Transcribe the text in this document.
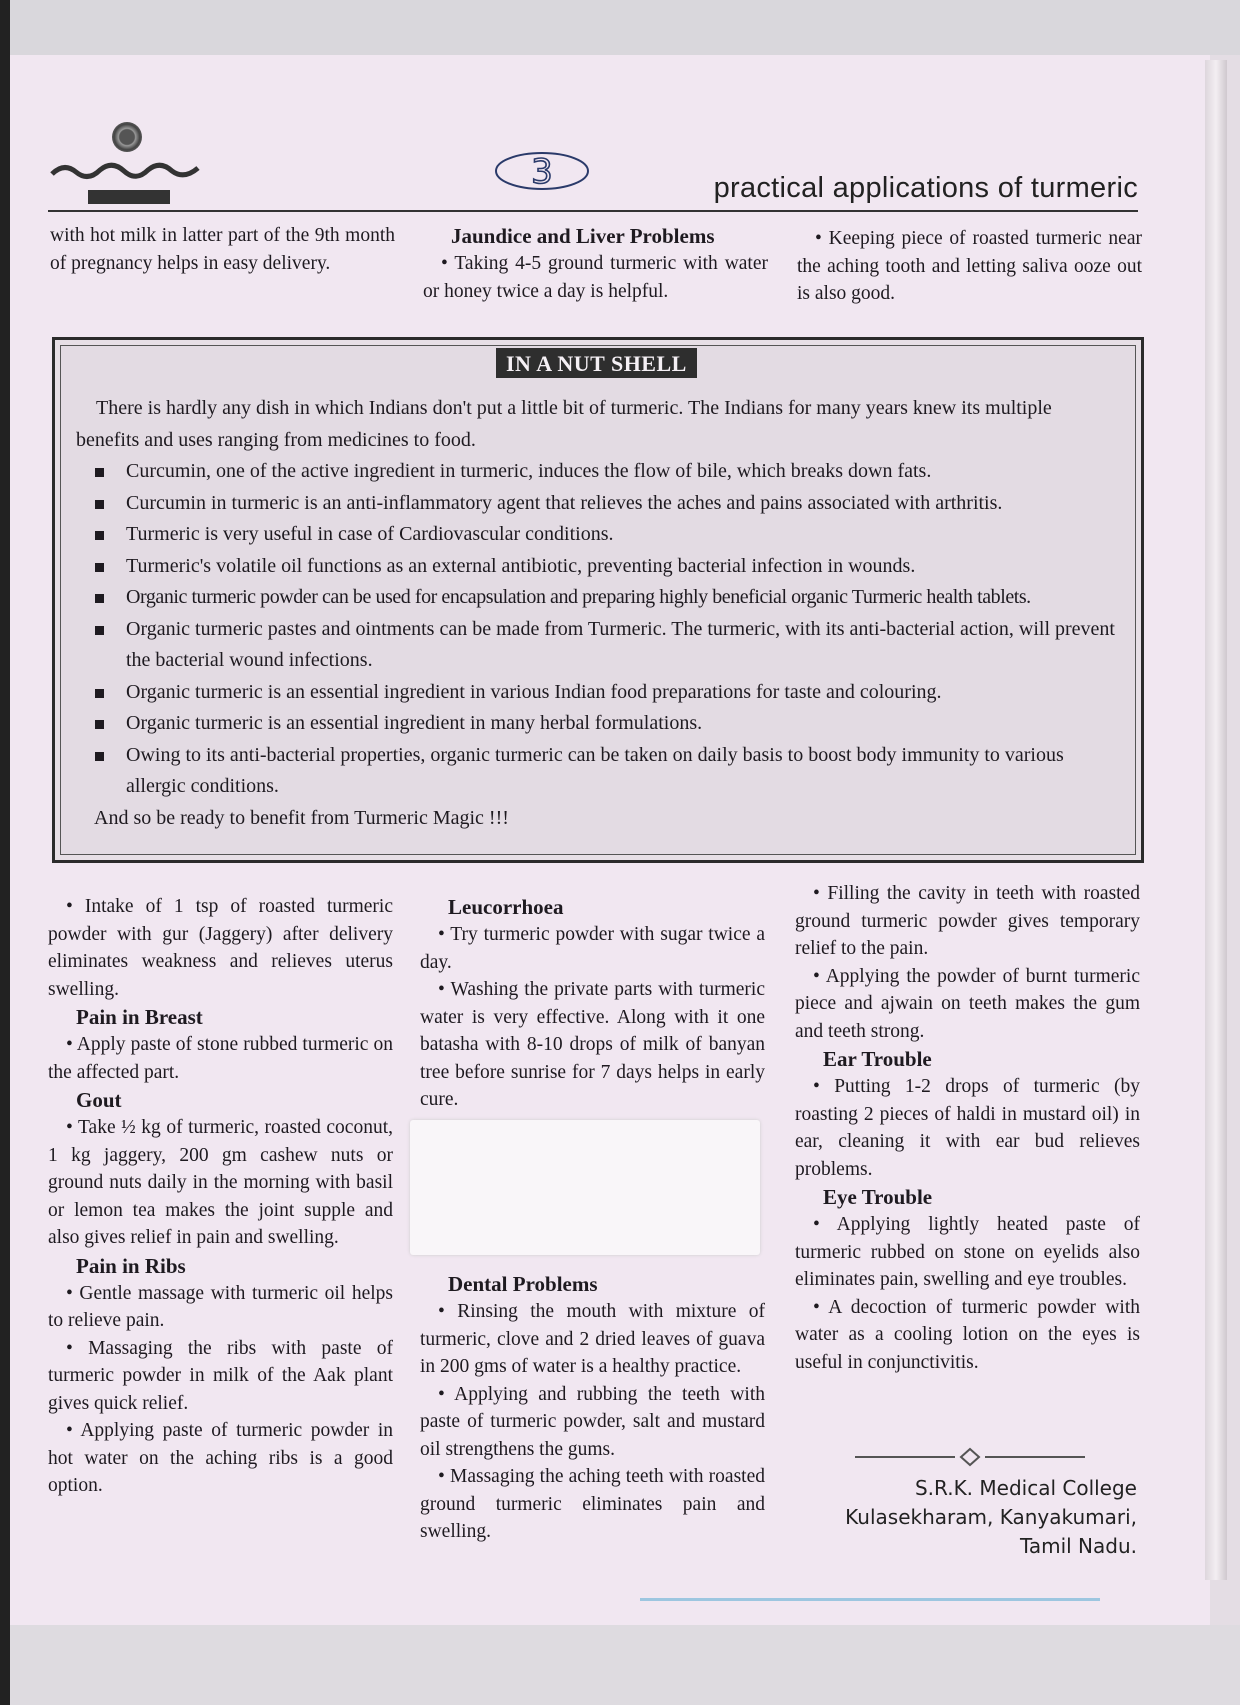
3	practical applications of turmeric

with hot milk in latter part of the 9th month of pregnancy helps in easy delivery.

Jaundice and Liver Problems

• Taking 4-5 ground turmeric with water or honey twice a day is helpful.

• Keeping piece of roasted turmeric near the aching tooth and letting saliva ooze out is also good.

IN A NUT SHELL

There is hardly any dish in which Indians don't put a little bit of turmeric. The Indians for many years knew its multiple benefits and uses ranging from medicines to food.

Curcumin, one of the active ingredient in turmeric, induces the flow of bile, which breaks down fats.
Curcumin in turmeric is an anti-inflammatory agent that relieves the aches and pains associated with arthritis.
Turmeric is very useful in case of Cardiovascular conditions.
Turmeric's volatile oil functions as an external antibiotic, preventing bacterial infection in wounds.
Organic turmeric powder can be used for encapsulation and preparing highly beneficial organic Turmeric health tablets.
Organic turmeric pastes and ointments can be made from Turmeric. The turmeric, with its anti-bacterial action, will prevent the bacterial wound infections.
Organic turmeric is an essential ingredient in various Indian food preparations for taste and colouring.
Organic turmeric is an essential ingredient in many herbal formulations.
Owing to its anti-bacterial properties, organic turmeric can be taken on daily basis to boost body immunity to various allergic conditions.

And so be ready to benefit from Turmeric Magic !!!

• Intake of 1 tsp of roasted turmeric powder with gur (Jaggery) after delivery eliminates weakness and relieves uterus swelling.

Pain in Breast

• Apply paste of stone rubbed turmeric on the affected part.

Gout

• Take ½ kg of turmeric, roasted coconut, 1 kg jaggery, 200 gm cashew nuts or ground nuts daily in the morning with basil or lemon tea makes the joint supple and also gives relief in pain and swelling.

Pain in Ribs

• Gentle massage with turmeric oil helps to relieve pain.

• Massaging the ribs with paste of turmeric powder in milk of the Aak plant gives quick relief.

• Applying paste of turmeric powder in hot water on the aching ribs is a good option.

Leucorrhoea

• Try turmeric powder with sugar twice a day.

• Washing the private parts with turmeric water is very effective. Along with it one batasha with 8-10 drops of milk of banyan tree before sunrise for 7 days helps in early cure.

Dental Problems

• Rinsing the mouth with mixture of turmeric, clove and 2 dried leaves of guava in 200 gms of water is a healthy practice.

• Applying and rubbing the teeth with paste of turmeric powder, salt and mustard oil strengthens the gums.

• Massaging the aching teeth with roasted ground turmeric eliminates pain and swelling.

• Filling the cavity in teeth with roasted ground turmeric powder gives temporary relief to the pain.

• Applying the powder of burnt turmeric piece and ajwain on teeth makes the gum and teeth strong.

Ear Trouble

• Putting 1-2 drops of turmeric (by roasting 2 pieces of haldi in mustard oil) in ear, cleaning it with ear bud relieves problems.

Eye Trouble

• Applying lightly heated paste of turmeric rubbed on stone on eyelids also eliminates pain, swelling and eye troubles.

• A decoction of turmeric powder with water as a cooling lotion on the eyes is useful in conjunctivitis.

S.R.K. Medical College
Kulasekharam, Kanyakumari,
Tamil Nadu.
